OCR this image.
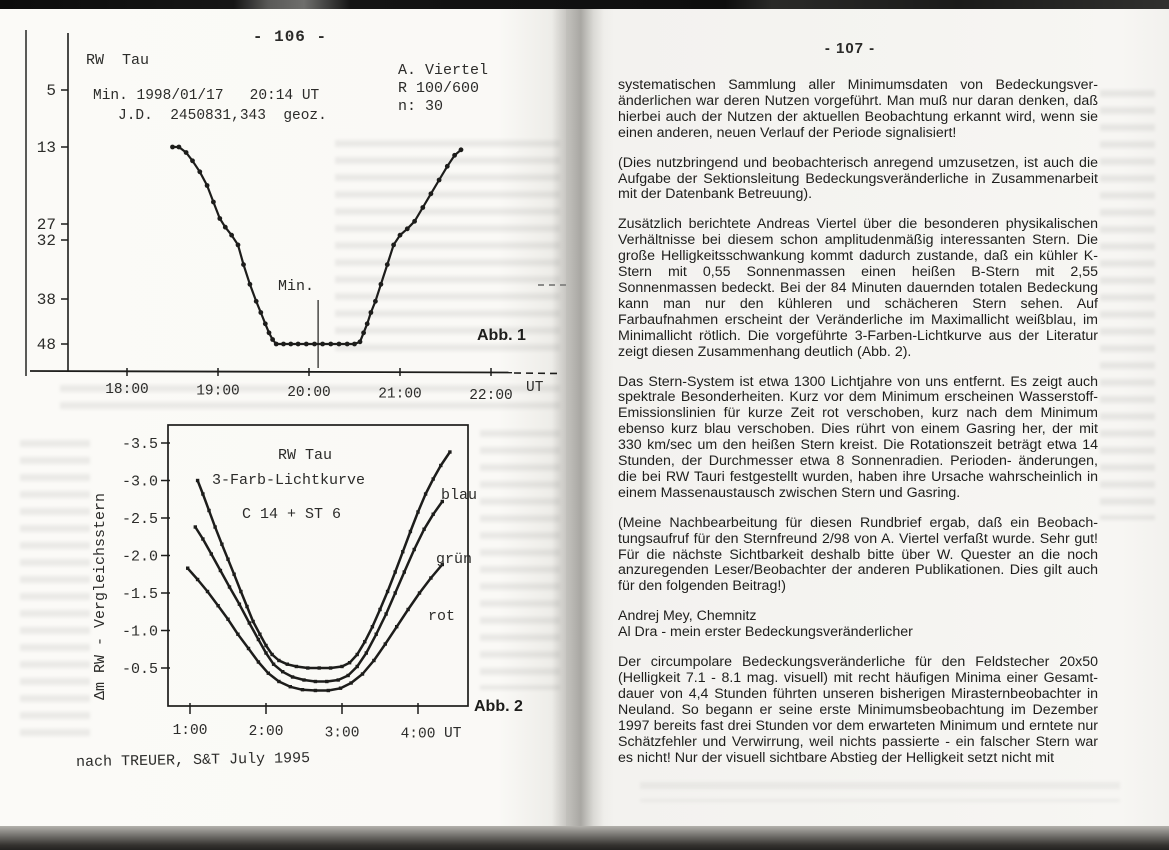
5
13
27
32
38
48
18:00	19:00	20:00	21:00	22:00
-3.5
-3.0
-2.5
-2.0
-1.5
-1.0
-0.5
1:00	2:00	3:00	4:00
- 106 -
RW  Tau
Min. 1998/01/17   20:14 UT
J.D.  2450831,343  geoz.
A. Viertel
R 100/600
n: 30
Min.
UT
Abb. 1
RW Tau
3-Farb-Lichtkurve
C 14 + ST 6
Δm RW - Vergleichsstern	blau
grün
rot
UT
Abb. 2
nach TREUER, S&T July 1995
- 107 -

systematischen Sammlung aller Minimumsdaten von Bedeckungsver- änderlichen war deren Nutzen vorgeführt. Man muß nur daran denken, daß hierbei auch der Nutzen der aktuellen Beobachtung erkannt wird, wenn sie einen anderen, neuen Verlauf der Periode signalisiert!

(Dies nutzbringend und beobachterisch anregend umzusetzen, ist auch die Aufgabe der Sektionsleitung Bedeckungsveränderliche in Zusammenarbeit mit der Datenbank Betreuung).

Zusätzlich berichtete Andreas Viertel über die besonderen physikalischen Verhältnisse bei diesem schon amplitudenmäßig interessanten Stern. Die große Helligkeitsschwankung kommt dadurch zustande, daß ein kühler K-Stern mit 0,55 Sonnenmassen einen heißen B-Stern mit 2,55 Sonnenmassen bedeckt. Bei der 84 Minuten dauernden totalen Bedeckung kann man nur den kühleren und schächeren Stern sehen. Auf Farbaufnahmen erscheint der Veränderliche im Maximallicht weißblau, im Minimallicht rötlich. Die vorgeführte 3-Farben-Lichtkurve aus der Literatur zeigt diesen Zusammenhang deutlich (Abb. 2).

Das Stern-System ist etwa 1300 Lichtjahre von uns entfernt. Es zeigt auch spektrale Besonderheiten. Kurz vor dem Minimum erscheinen Wasserstoff-Emissionslinien für kurze Zeit rot verschoben, kurz nach dem Minimum ebenso kurz blau verschoben. Dies rührt von einem Gasring her, der mit 330 km/sec um den heißen Stern kreist. Die Rotationszeit beträgt etwa 14 Stunden, der Durchmesser etwa 8 Sonnenradien. Perioden- änderungen, die bei RW Tauri festgestellt wurden, haben ihre Ursache wahrscheinlich in einem Massenaustausch zwischen Stern und Gasring.

(Meine Nachbearbeitung für diesen Rundbrief ergab, daß ein Beobach- tungsaufruf für den Sternfreund 2/98 von A. Viertel verfaßt wurde. Sehr gut! Für die nächste Sichtbarkeit deshalb bitte über W. Quester an die noch anzuregenden Leser/Beobachter der anderen Publikationen. Dies gilt auch für den folgenden Beitrag!)

Andrej Mey, Chemnitz

Al Dra - mein erster Bedeckungsveränderlicher

Der circumpolare Bedeckungsveränderliche für den Feldstecher 20x50 (Helligkeit 7.1 - 8.1 mag. visuell) mit recht häufigen Minima einer Gesamt- dauer von 4,4 Stunden führten unseren bisherigen Mirasternbeobachter in Neuland. So begann er seine erste Minimumsbeobachtung im Dezember 1997 bereits fast drei Stunden vor dem erwarteten Minimum und erntete nur Schätzfehler und Verwirrung, weil nichts passierte - ein falscher Stern war es nicht! Nur der visuell sichtbare Abstieg der Helligkeit setzt nicht mit
